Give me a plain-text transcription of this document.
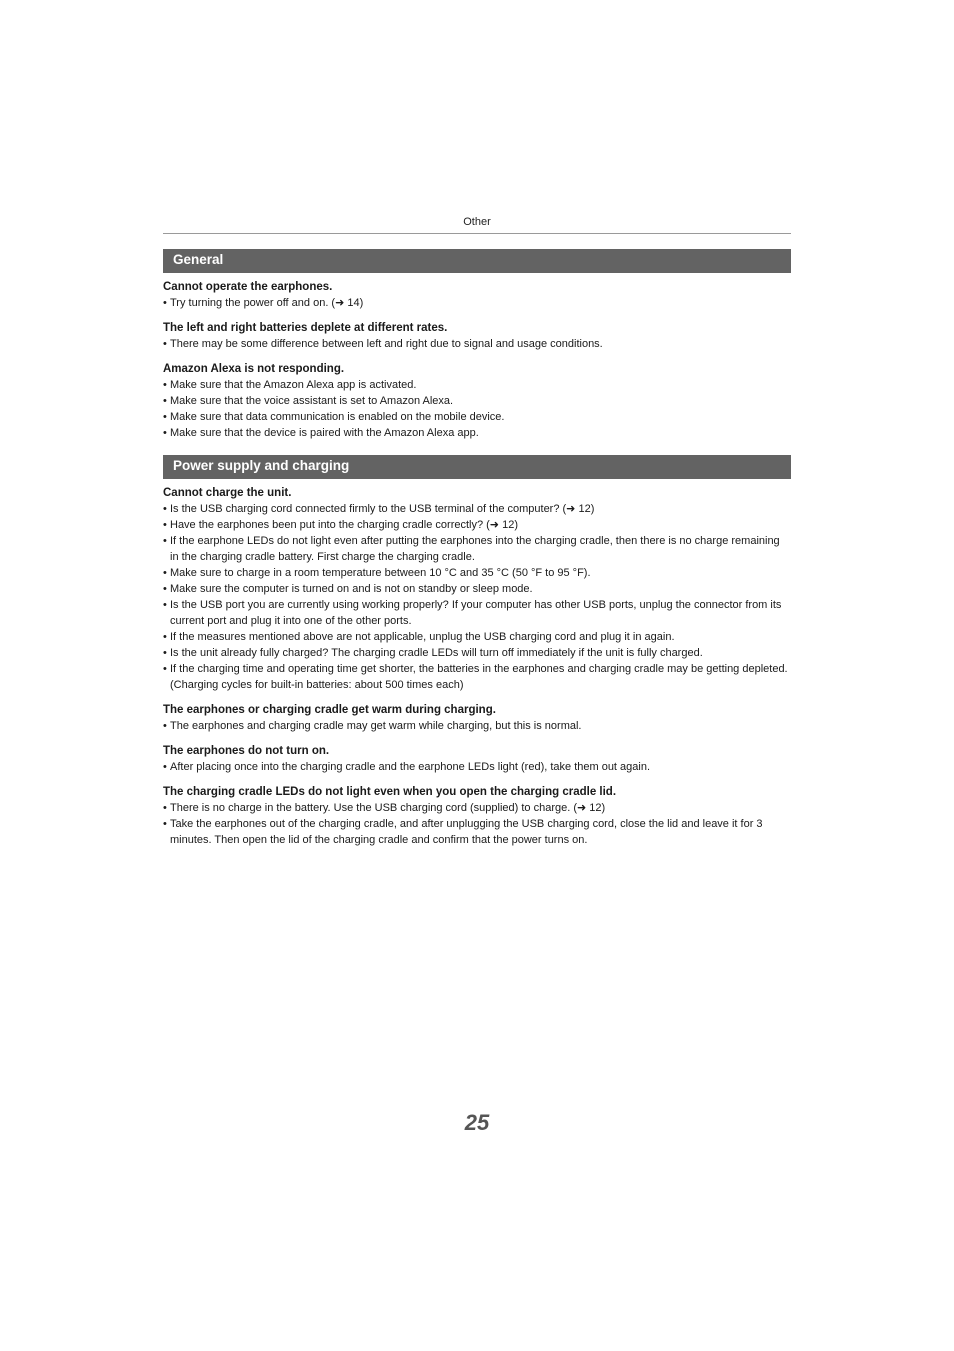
Other
General
Cannot operate the earphones.
• Try turning the power off and on. (➜ 14)
The left and right batteries deplete at different rates.
• There may be some difference between left and right due to signal and usage conditions.
Amazon Alexa is not responding.
• Make sure that the Amazon Alexa app is activated.
• Make sure that the voice assistant is set to Amazon Alexa.
• Make sure that data communication is enabled on the mobile device.
• Make sure that the device is paired with the Amazon Alexa app.
Power supply and charging
Cannot charge the unit.
• Is the USB charging cord connected firmly to the USB terminal of the computer? (➜ 12)
• Have the earphones been put into the charging cradle correctly? (➜ 12)
• If the earphone LEDs do not light even after putting the earphones into the charging cradle, then there is no charge remaining in the charging cradle battery. First charge the charging cradle.
• Make sure to charge in a room temperature between 10 °C and 35 °C (50 °F to 95 °F).
• Make sure the computer is turned on and is not on standby or sleep mode.
• Is the USB port you are currently using working properly? If your computer has other USB ports, unplug the connector from its current port and plug it into one of the other ports.
• If the measures mentioned above are not applicable, unplug the USB charging cord and plug it in again.
• Is the unit already fully charged? The charging cradle LEDs will turn off immediately if the unit is fully charged.
• If the charging time and operating time get shorter, the batteries in the earphones and charging cradle may be getting depleted. (Charging cycles for built-in batteries: about 500 times each)
The earphones or charging cradle get warm during charging.
• The earphones and charging cradle may get warm while charging, but this is normal.
The earphones do not turn on.
• After placing once into the charging cradle and the earphone LEDs light (red), take them out again.
The charging cradle LEDs do not light even when you open the charging cradle lid.
• There is no charge in the battery. Use the USB charging cord (supplied) to charge. (➜ 12)
• Take the earphones out of the charging cradle, and after unplugging the USB charging cord, close the lid and leave it for 3 minutes. Then open the lid of the charging cradle and confirm that the power turns on.
25
